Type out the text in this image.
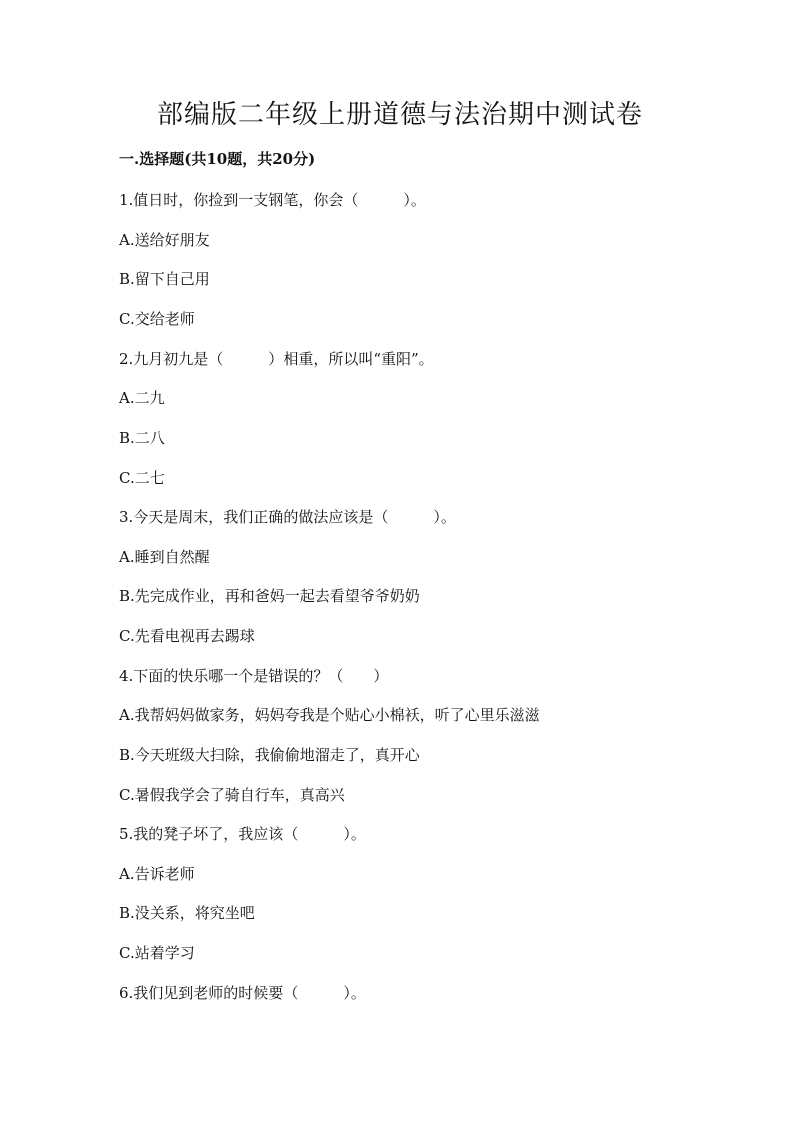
部编版二年级上册道德与法治期中测试卷
一.选择题(共10题，共20分)
1.值日时，你捡到一支钢笔，你会（　　　）。
A.送给好朋友
B.留下自己用
C.交给老师
2.九月初九是（　　　）相重，所以叫“重阳”。
A.二九
B.二八
C.二七
3.今天是周末，我们正确的做法应该是（　　　）。
A.睡到自然醒
B.先完成作业，再和爸妈一起去看望爷爷奶奶
C.先看电视再去踢球
4.下面的快乐哪一个是错误的？（　　）
A.我帮妈妈做家务，妈妈夸我是个贴心小棉袄，听了心里乐滋滋
B.今天班级大扫除，我偷偷地溜走了，真开心
C.暑假我学会了骑自行车，真高兴
5.我的凳子坏了，我应该（　　　）。
A.告诉老师
B.没关系，将究坐吧
C.站着学习
6.我们见到老师的时候要（　　　）。
